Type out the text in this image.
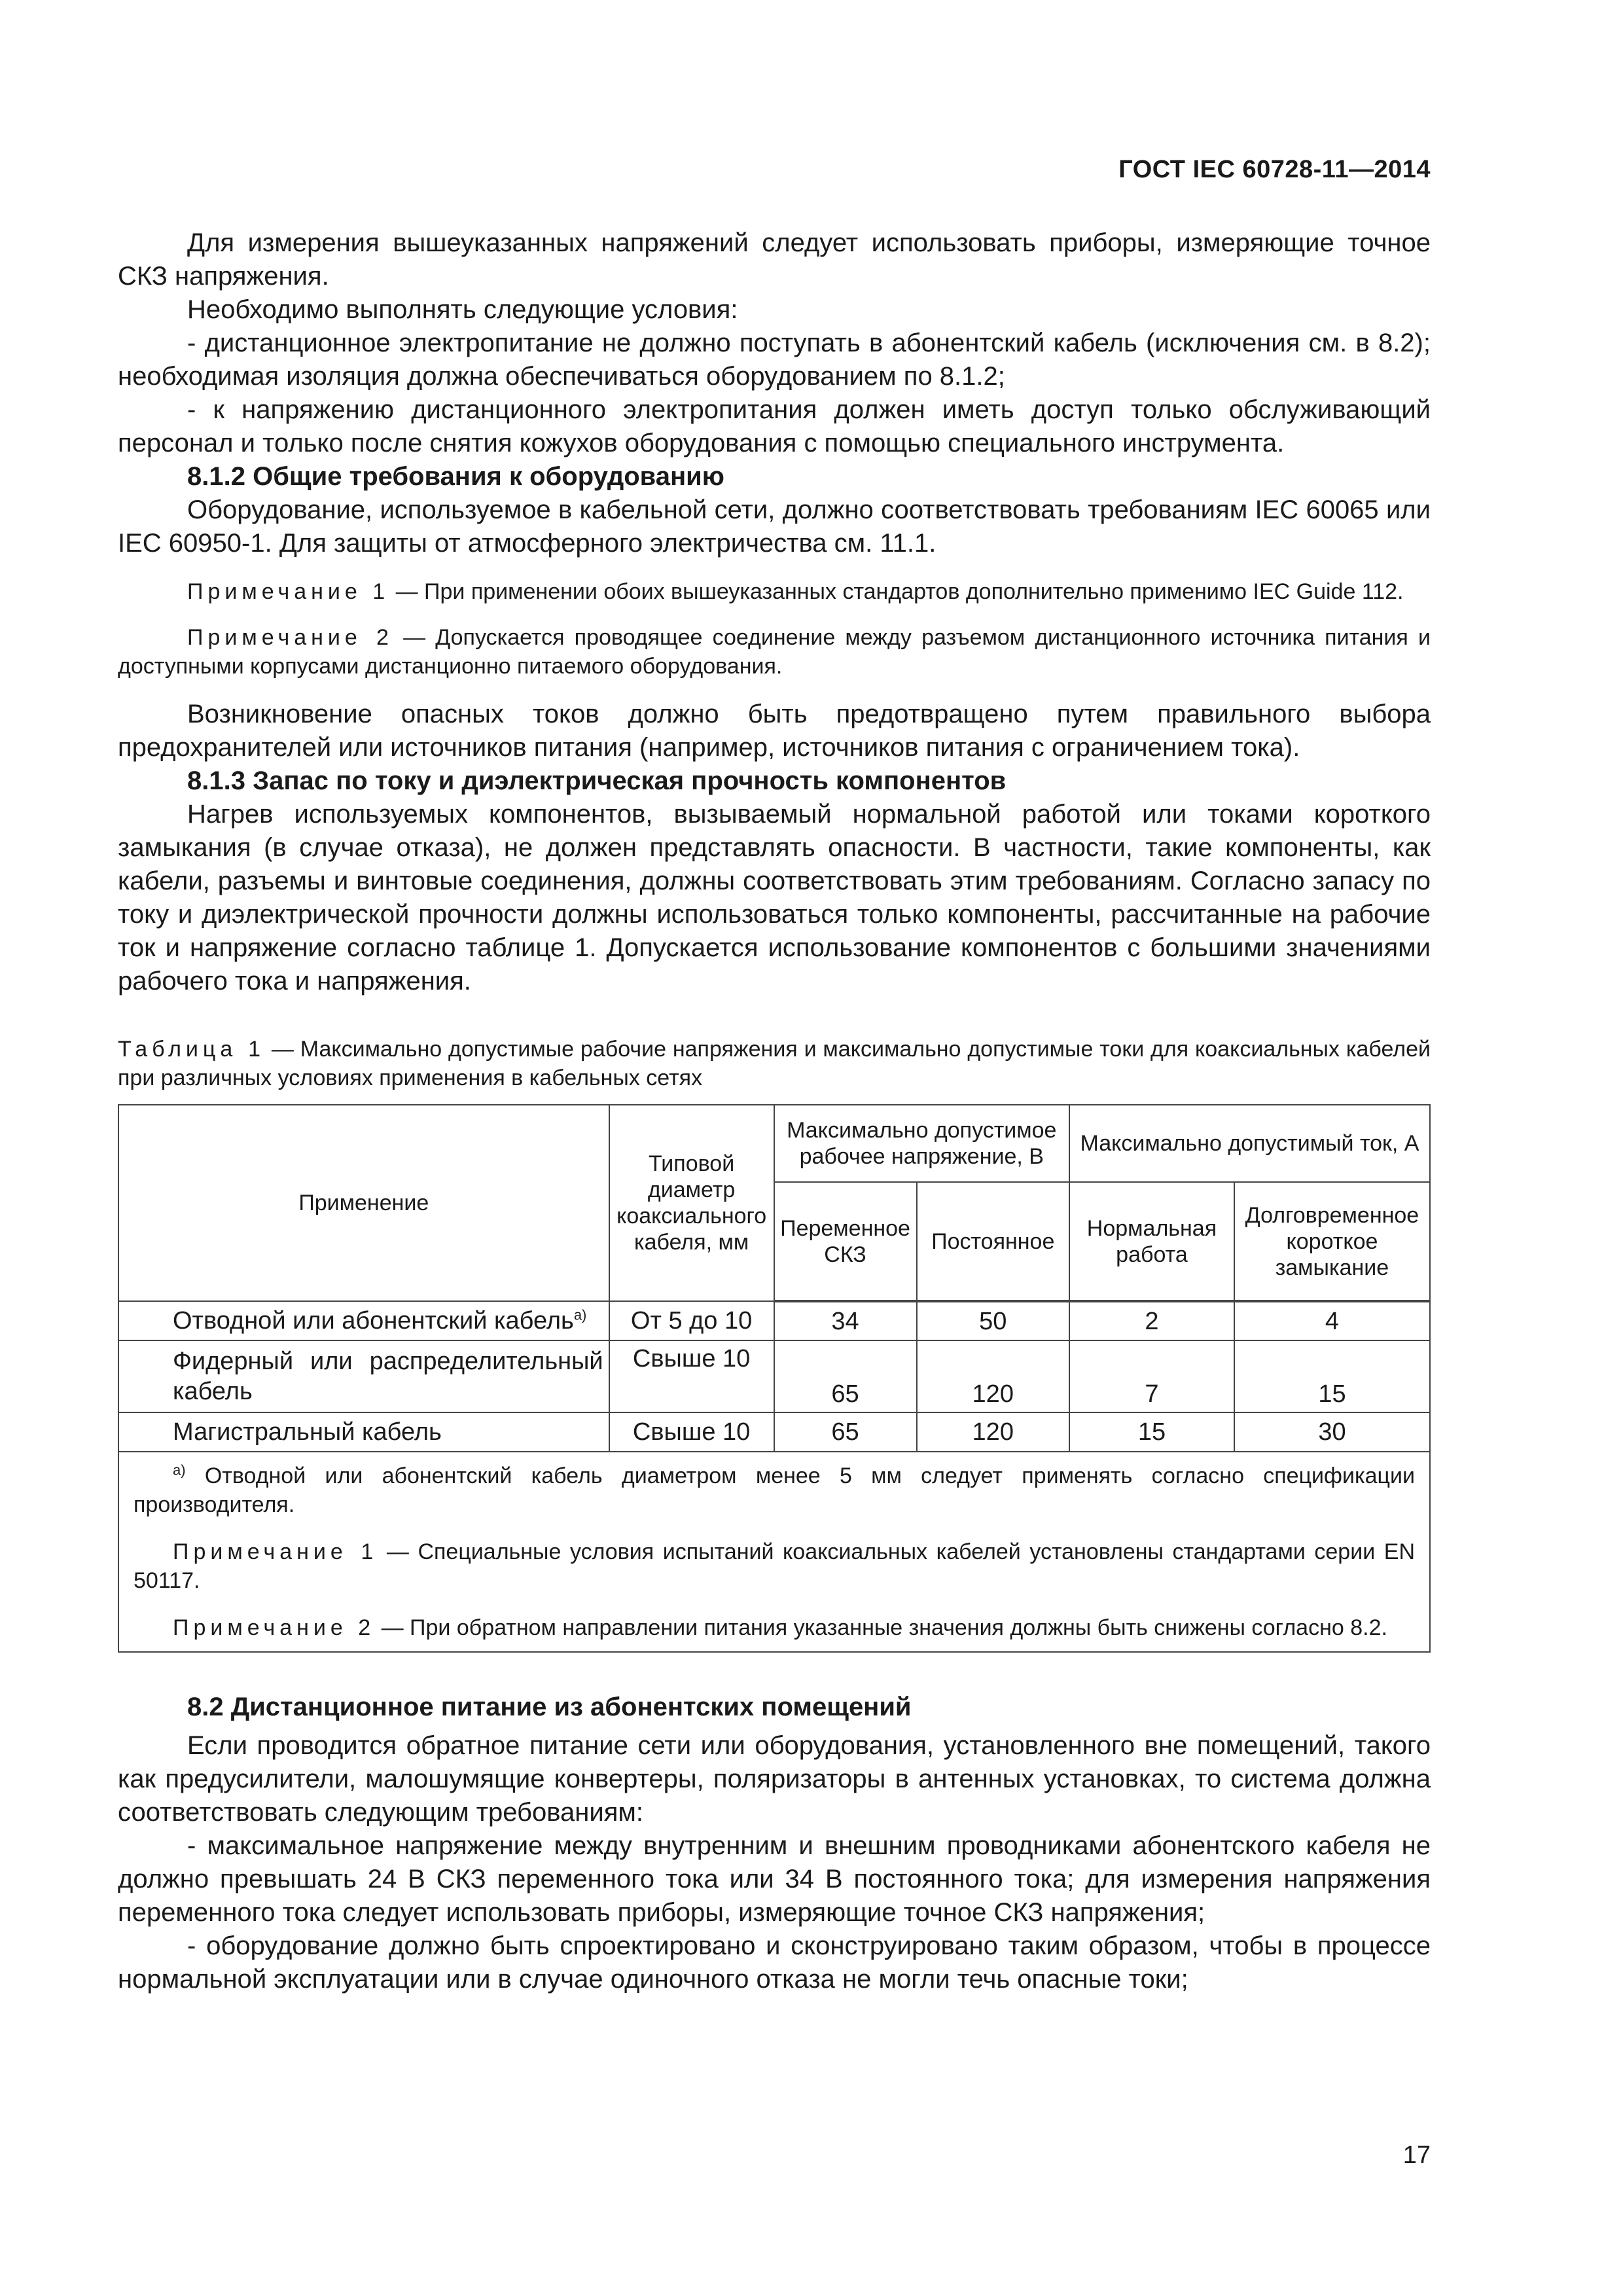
ГОСТ IEC 60728-11—2014

Для измерения вышеуказанных напряжений следует использовать приборы, измеряющие точное СКЗ напряжения.

Необходимо выполнять следующие условия:

- дистанционное электропитание не должно поступать в абонентский кабель (исключения см. в 8.2); необходимая изоляция должна обеспечиваться оборудованием по 8.1.2;

- к напряжению дистанционного электропитания должен иметь доступ только обслуживающий персонал и только после снятия кожухов оборудования с помощью специального инструмента.

8.1.2 Общие требования к оборудованию

Оборудование, используемое в кабельной сети, должно соответствовать требованиям IEC 60065 или IEC 60950-1. Для защиты от атмосферного электричества см. 11.1.

Примечание 1 — При применении обоих вышеуказанных стандартов дополнительно применимо IEC Guide 112.

Примечание 2 — Допускается проводящее соединение между разъемом дистанционного источника питания и доступными корпусами дистанционно питаемого оборудования.

Возникновение опасных токов должно быть предотвращено путем правильного выбора предохранителей или источников питания (например, источников питания с ограничением тока).

8.1.3 Запас по току и диэлектрическая прочность компонентов

Нагрев используемых компонентов, вызываемый нормальной работой или токами короткого замыкания (в случае отказа), не должен представлять опасности. В частности, такие компоненты, как кабели, разъемы и винтовые соединения, должны соответствовать этим требованиям. Согласно запасу по току и диэлектрической прочности должны использоваться только компоненты, рассчитанные на рабочие ток и напряжение согласно таблице 1. Допускается использование компонентов с большими значениями рабочего тока и напряжения.

Таблица 1 — Максимально допустимые рабочие напряжения и максимально допустимые токи для коаксиальных кабелей при различных условиях применения в кабельных сетях

Применение	Типовой диаметр коаксиального кабеля, мм	Максимально допустимое рабочее напряжение, В		Максимально допустимый ток, А	
		Переменное СКЗ	Постоянное	Нормальная работа	Долговременное короткое замыкание
Отводной или абонентский кабель$^{а)}$	От 5 до 10	34	50	2	4
Фидерный или распределительный кабель	Свыше 10	65	120	7	15
Магистральный кабель	Свыше 10	65	120	15	30

$^{а)}$ Отводной или абонентский кабель диаметром менее 5 мм следует применять согласно спецификации производителя.

Примечание 1 — Специальные условия испытаний коаксиальных кабелей установлены стандартами серии EN 50117.

Примечание 2 — При обратном направлении питания указанные значения должны быть снижены согласно 8.2.					

8.2 Дистанционное питание из абонентских помещений

Если проводится обратное питание сети или оборудования, установленного вне помещений, такого как предусилители, малошумящие конвертеры, поляризаторы в антенных установках, то система должна соответствовать следующим требованиям:

- максимальное напряжение между внутренним и внешним проводниками абонентского кабеля не должно превышать 24 В СКЗ переменного тока или 34 В постоянного тока; для измерения напряжения переменного тока следует использовать приборы, измеряющие точное СКЗ напряжения;

- оборудование должно быть спроектировано и сконструировано таким образом, чтобы в процессе нормальной эксплуатации или в случае одиночного отказа не могли течь опасные токи;

17
